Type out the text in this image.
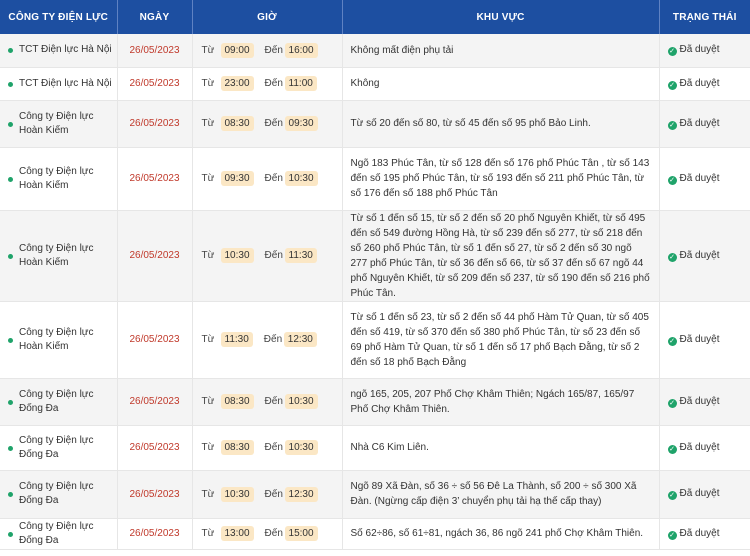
CÔNG TY ĐIỆN LỰC	NGÀY	GIỜ	KHU VỰC	TRẠNG THÁI

TCT Điện lực Hà Nội	26/05/2023	Từ 09:00 Đến 16:00	Không mất điện phụ tải	✓ Đã duyệt

TCT Điện lực Hà Nội	26/05/2023	Từ 23:00 Đến 11:00	Không	✓ Đã duyệt

Công ty Điện lực Hoàn Kiếm	26/05/2023	Từ 08:30 Đến 09:30	Từ số 20 đến số 80, từ số 45 đến số 95 phố Bảo Linh.	✓ Đã duyệt

Công ty Điện lực Hoàn Kiếm	26/05/2023	Từ 09:30 Đến 10:30	Ngõ 183 Phúc Tân, từ số 128 đến số 176 phố Phúc Tân , từ số 143 đến số 195 phố Phúc Tân, từ số 193 đến số 211 phố Phúc Tân, từ số 176 đến số 188 phố Phúc Tân	✓ Đã duyệt

Công ty Điện lực Hoàn Kiếm	26/05/2023	Từ 10:30 Đến 11:30	Từ số 1 đến số 15, từ số 2 đến số 20 phố Nguyên Khiết, từ số 495 đến số 549 đường Hồng Hà, từ số 239 đến số 277, từ số 218 đến số 260 phố Phúc Tân, từ số 1 đến số 27, từ số 2 đến số 30 ngõ 277 phố Phúc Tân, từ số 36 đến số 66, từ số 37 đến số 67 ngõ 44 phố Nguyên Khiết, từ số 209 đến số 237, từ số 190 đến số 216 phố Phúc Tân.	✓ Đã duyệt

Công ty Điện lực Hoàn Kiếm	26/05/2023	Từ 11:30 Đến 12:30	Từ số 1 đến số 23, từ số 2 đến số 44 phố Hàm Tử Quan, từ số 405 đến số 419, từ số 370 đến số 380 phố Phúc Tân, từ số 23 đến số 69 phố Hàm Tử Quan, từ số 1 đến số 17 phố Bạch Đằng, từ số 2 đến số 18 phố Bạch Đằng	✓ Đã duyệt

Công ty Điện lực Đống Đa	26/05/2023	Từ 08:30 Đến 10:30	ngõ 165, 205, 207 Phố Chợ Khâm Thiên; Ngách 165/87, 165/97 Phố Chợ Khâm Thiên.	✓ Đã duyệt

Công ty Điện lực Đống Đa	26/05/2023	Từ 08:30 Đến 10:30	Nhà C6 Kim Liên.	✓ Đã duyệt

Công ty Điện lực Đống Đa	26/05/2023	Từ 10:30 Đến 12:30	Ngõ 89 Xã Đàn, số 36 ÷ số 56 Đê La Thành, số 200 ÷ số 300 Xã Đàn. (Ngừng cấp điện 3’ chuyển phụ tải hạ thế cấp thay)	✓ Đã duyệt

Công ty Điện lực Đống Đa	26/05/2023	Từ 13:00 Đến 15:00	Số 62÷86, số 61÷81, ngách 36, 86 ngõ 241 phố Chợ Khâm Thiên.	✓ Đã duyệt
